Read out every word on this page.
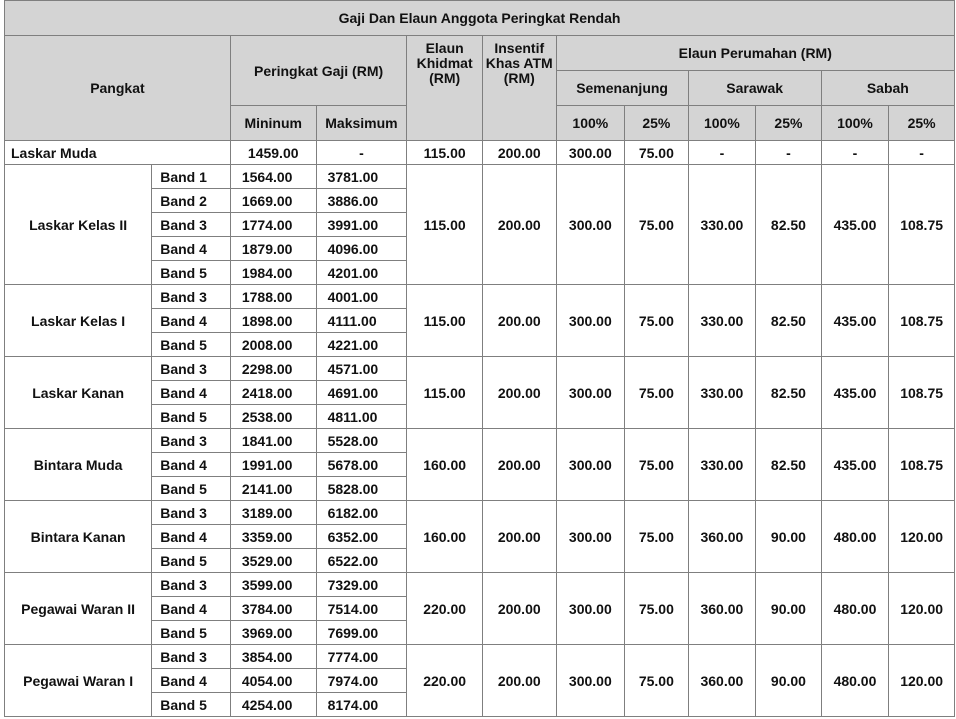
Gaji Dan Elaun Anggota Peringkat Rendah											
Pangkat		Peringkat Gaji (RM)		Elaun Khidmat (RM)	Insentif Khas ATM (RM)	Elaun Perumahan (RM)					
						Semenanjung		Sarawak		Sabah	
		Mininum	Maksimum			100%	25%	100%	25%	100%	25%
Laskar Muda		1459.00	-	115.00	200.00	300.00	75.00	-	-	-	-
Laskar Kelas II	Band 1	1564.00	3781.00	115.00	200.00	300.00	75.00	330.00	82.50	435.00	108.75
	Band 2	1669.00	3886.00								
	Band 3	1774.00	3991.00								
	Band 4	1879.00	4096.00								
	Band 5	1984.00	4201.00								
Laskar Kelas I	Band 3	1788.00	4001.00	115.00	200.00	300.00	75.00	330.00	82.50	435.00	108.75
	Band 4	1898.00	4111.00								
	Band 5	2008.00	4221.00								
Laskar Kanan	Band 3	2298.00	4571.00	115.00	200.00	300.00	75.00	330.00	82.50	435.00	108.75
	Band 4	2418.00	4691.00								
	Band 5	2538.00	4811.00								
Bintara Muda	Band 3	1841.00	5528.00	160.00	200.00	300.00	75.00	330.00	82.50	435.00	108.75
	Band 4	1991.00	5678.00								
	Band 5	2141.00	5828.00								
Bintara Kanan	Band 3	3189.00	6182.00	160.00	200.00	300.00	75.00	360.00	90.00	480.00	120.00
	Band 4	3359.00	6352.00								
	Band 5	3529.00	6522.00								
Pegawai Waran II	Band 3	3599.00	7329.00	220.00	200.00	300.00	75.00	360.00	90.00	480.00	120.00
	Band 4	3784.00	7514.00								
	Band 5	3969.00	7699.00								
Pegawai Waran I	Band 3	3854.00	7774.00	220.00	200.00	300.00	75.00	360.00	90.00	480.00	120.00
	Band 4	4054.00	7974.00								
	Band 5	4254.00	8174.00								
